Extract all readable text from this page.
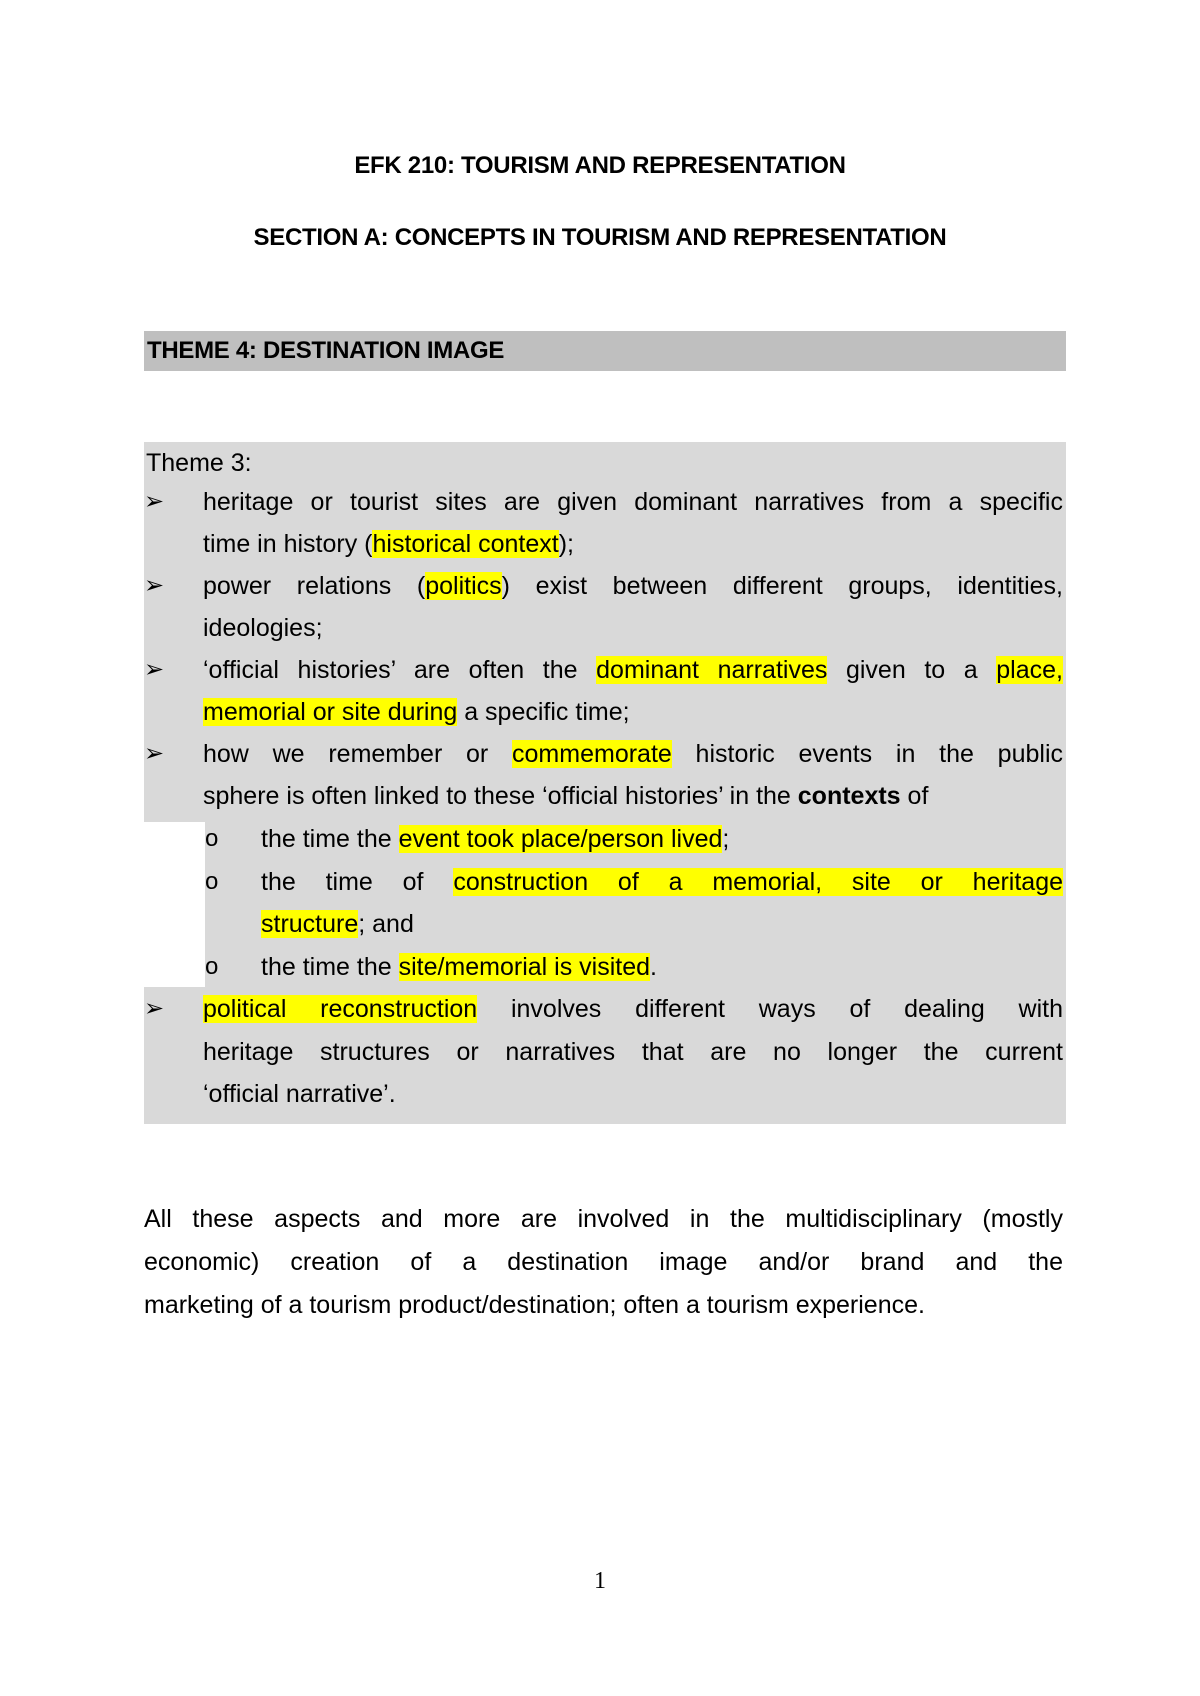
EFK 210: TOURISM AND REPRESENTATION
SECTION A: CONCEPTS IN TOURISM AND REPRESENTATION
THEME 4: DESTINATION IMAGE
Theme 3:
➢ heritage or tourist sites are given dominant narratives from a specific
time in history (historical context);
➢ power relations (politics) exist between different groups, identities,
ideologies;
➢ ‘official histories’ are often the dominant narratives given to a place,
memorial or site during a specific time;
➢ how we remember or commemorate historic events in the public
sphere is often linked to these ‘official histories’ in the contexts of
o the time the event took place/person lived;
o the time of construction of a memorial, site or heritage
structure; and
o the time the site/memorial is visited.
➢ political reconstruction involves different ways of dealing with
heritage structures or narratives that are no longer the current
‘official narrative’.
All these aspects and more are involved in the multidisciplinary (mostly
economic) creation of a destination image and/or brand and the
marketing of a tourism product/destination; often a tourism experience.
1
